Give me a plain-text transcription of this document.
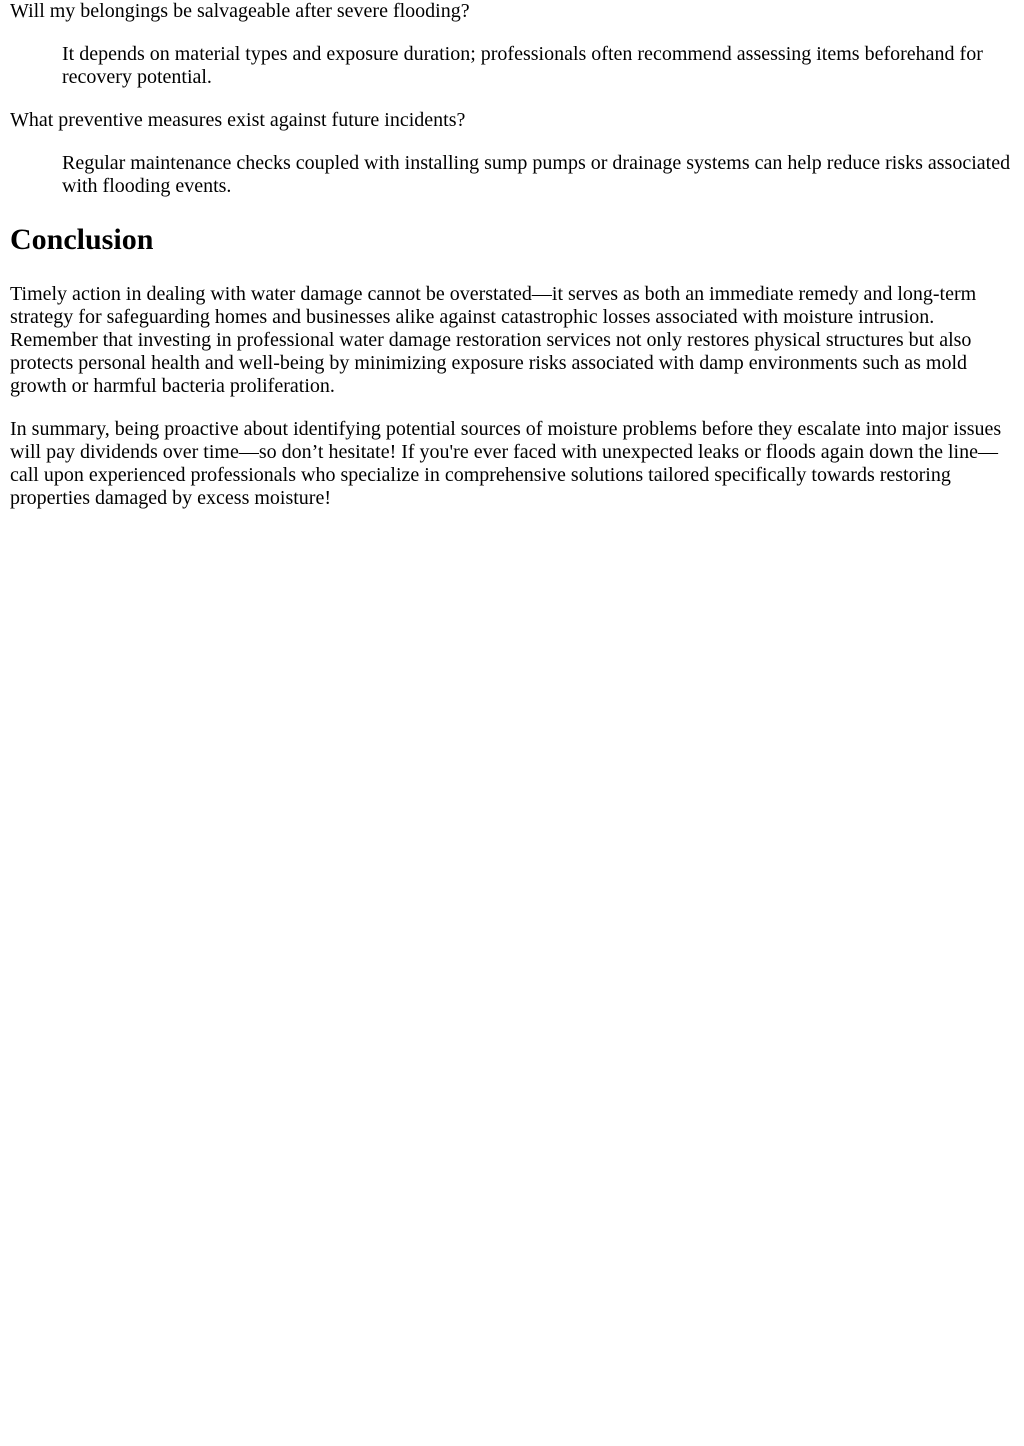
Will my belongings be salvageable after severe flooding?
It depends on material types and exposure duration; professionals often recommend assessing items beforehand for recovery potential.
What preventive measures exist against future incidents?
Regular maintenance checks coupled with installing sump pumps or drainage systems can help reduce risks associated with flooding events.
Conclusion

Timely action in dealing with water damage cannot be overstated—it serves as both an immediate remedy and long-term strategy for safeguarding homes and businesses alike against catastrophic losses associated with moisture intrusion. Remember that investing in professional water damage restoration services not only restores physical structures but also protects personal health and well-being by minimizing exposure risks associated with damp environments such as mold growth or harmful bacteria proliferation.

In summary, being proactive about identifying potential sources of moisture problems before they escalate into major issues will pay dividends over time—so don’t hesitate! If you're ever faced with unexpected leaks or floods again down the line—call upon experienced professionals who specialize in comprehensive solutions tailored specifically towards restoring properties damaged by excess moisture!
